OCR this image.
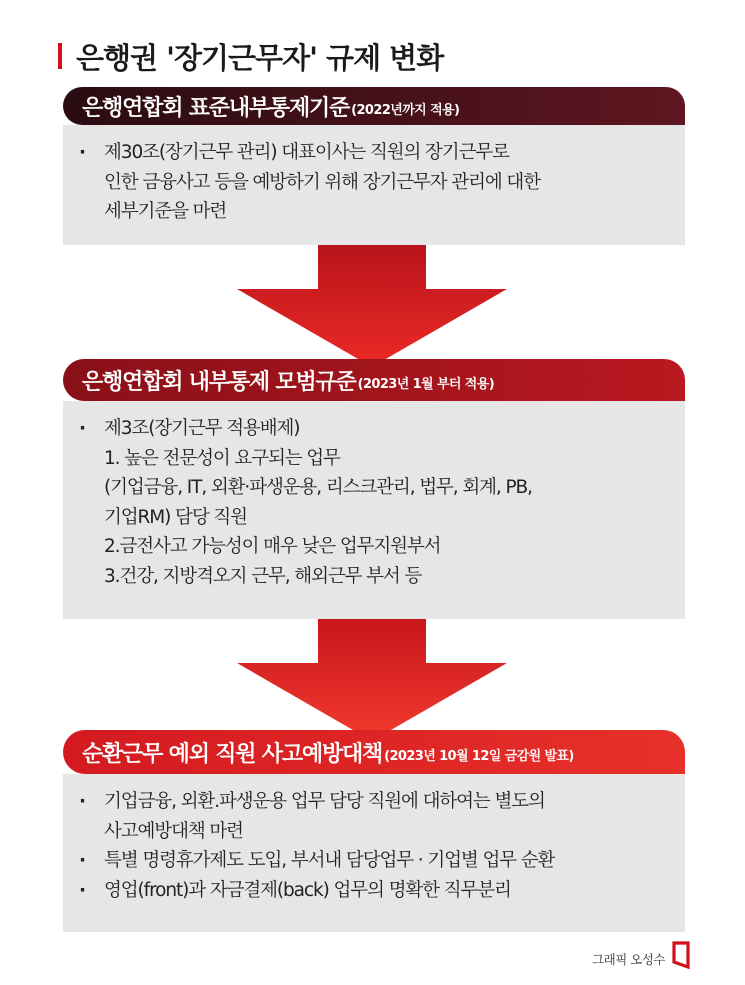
은행권 '장기근무자' 규제 변화
은행연합회 표준내부통제기준 (2022년까지 적용)
· 제30조(장기근무 관리) 대표이사는 직원의 장기근무로
인한 금융사고 등을 예방하기 위해 장기근무자 관리에 대한
세부기준을 마련
은행연합회 내부통제 모범규준 (2023년 1월 부터 적용)
· 제3조(장기근무 적용배제)
1. 높은 전문성이 요구되는 업무
(기업금융, IT, 외환·파생운용, 리스크관리, 법무, 회계, PB,
기업RM) 담당 직원
2.금전사고 가능성이 매우 낮은 업무지원부서
3.건강, 지방격오지 근무, 해외근무 부서 등
순환근무 예외 직원 사고예방대책 (2023년 10월 12일 금감원 발표)
· 기업금융, 외환.파생운용 업무 담당 직원에 대하여는 별도의
사고예방대책 마련
· 특별 명령휴가제도 도입, 부서내 담당업무 · 기업별 업무 순환
· 영업(front)과 자금결제(back) 업무의 명확한 직무분리
그래픽 오성수
